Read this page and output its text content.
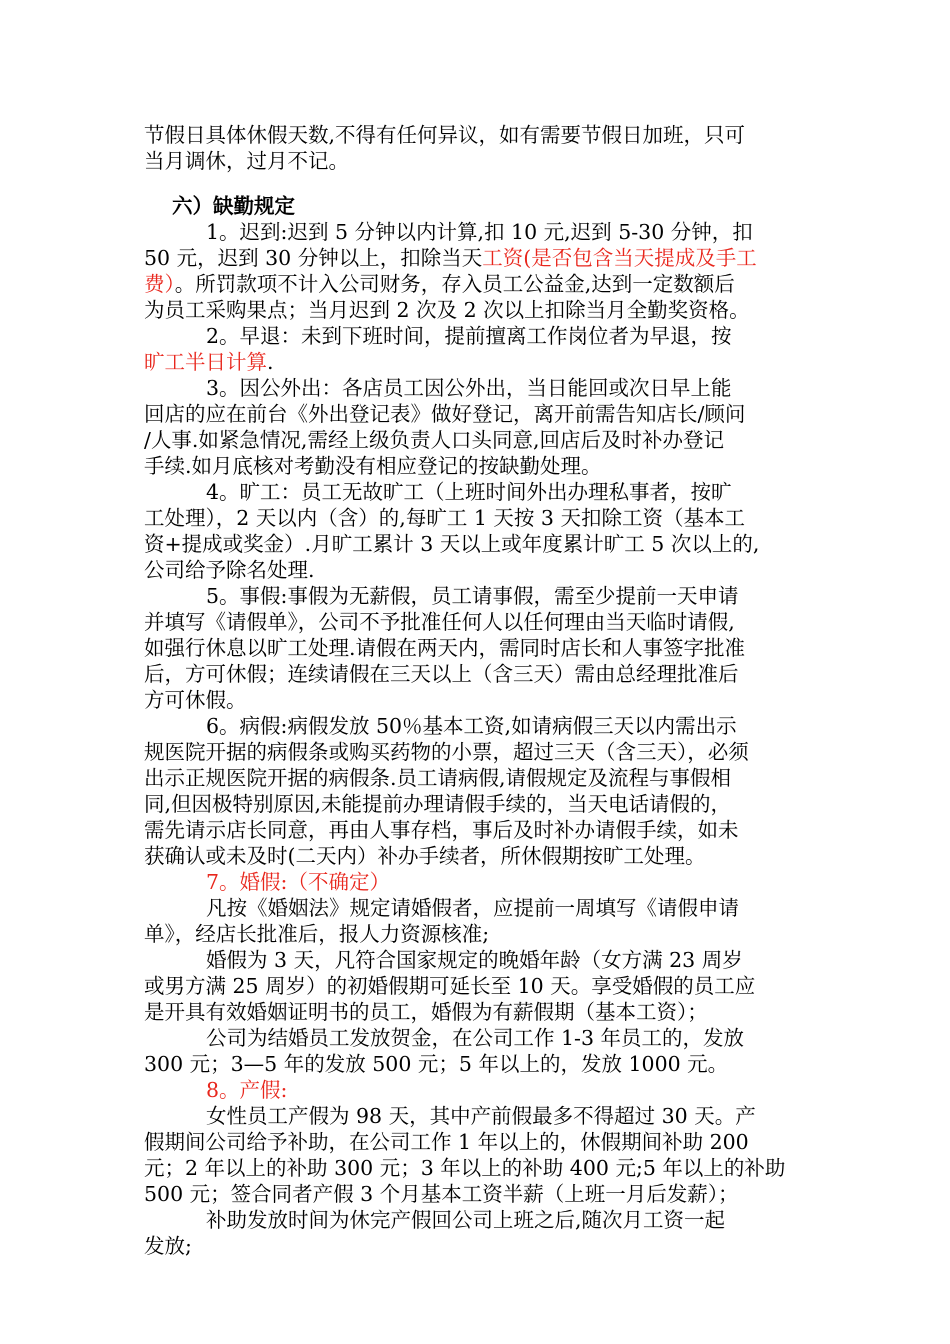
节假日具体休假天数,不得有任何异议，如有需要节假日加班，只可
当月调休，过月不记。
六）缺勤规定
1。迟到:迟到 5 分钟以内计算,扣 10 元,迟到 5-30 分钟，扣
50 元，迟到 30 分钟以上，扣除当天工资(是否包含当天提成及手工
费）。所罚款项不计入公司财务，存入员工公益金,达到一定数额后
为员工采购果点；当月迟到 2 次及 2 次以上扣除当月全勤奖资格。
2。早退：未到下班时间，提前擅离工作岗位者为早退，按
旷工半日计算.
3。因公外出：各店员工因公外出，当日能回或次日早上能
回店的应在前台《外出登记表》做好登记，离开前需告知店长/顾问
/人事.如紧急情况,需经上级负责人口头同意,回店后及时补办登记
手续.如月底核对考勤没有相应登记的按缺勤处理。
4。旷工：员工无故旷工（上班时间外出办理私事者，按旷
工处理），2 天以内（含）的,每旷工 1 天按 3 天扣除工资（基本工
资+提成或奖金）.月旷工累计 3 天以上或年度累计旷工 5 次以上的,
公司给予除名处理.
5。事假:事假为无薪假，员工请事假，需至少提前一天申请
并填写《请假单》，公司不予批准任何人以任何理由当天临时请假,
如强行休息以旷工处理.请假在两天内，需同时店长和人事签字批准
后，方可休假；连续请假在三天以上（含三天）需由总经理批准后
方可休假。
6。病假:病假发放 50％基本工资,如请病假三天以内需出示
规医院开据的病假条或购买药物的小票，超过三天（含三天），必须
出示正规医院开据的病假条.员工请病假,请假规定及流程与事假相
同,但因极特别原因,未能提前办理请假手续的，当天电话请假的，
需先请示店长同意，再由人事存档，事后及时补办请假手续，如未
获确认或未及时(二天内）补办手续者，所休假期按旷工处理。
7。婚假:（不确定）
凡按《婚姻法》规定请婚假者，应提前一周填写《请假申请
单》，经店长批准后，报人力资源核准;
婚假为 3 天，凡符合国家规定的晚婚年龄（女方满 23 周岁
或男方满 25 周岁）的初婚假期可延长至 10 天。享受婚假的员工应
是开具有效婚姻证明书的员工，婚假为有薪假期（基本工资）；
公司为结婚员工发放贺金，在公司工作 1-3 年员工的，发放
300 元；3—5 年的发放 500 元；5 年以上的，发放 1000 元。
8。产假:
女性员工产假为 98 天，其中产前假最多不得超过 30 天。产
假期间公司给予补助，在公司工作 1 年以上的，休假期间补助 200
元；2 年以上的补助 300 元；3 年以上的补助 400 元;5 年以上的补助
500 元；签合同者产假 3 个月基本工资半薪（上班一月后发薪）；
补助发放时间为休完产假回公司上班之后,随次月工资一起
发放;
